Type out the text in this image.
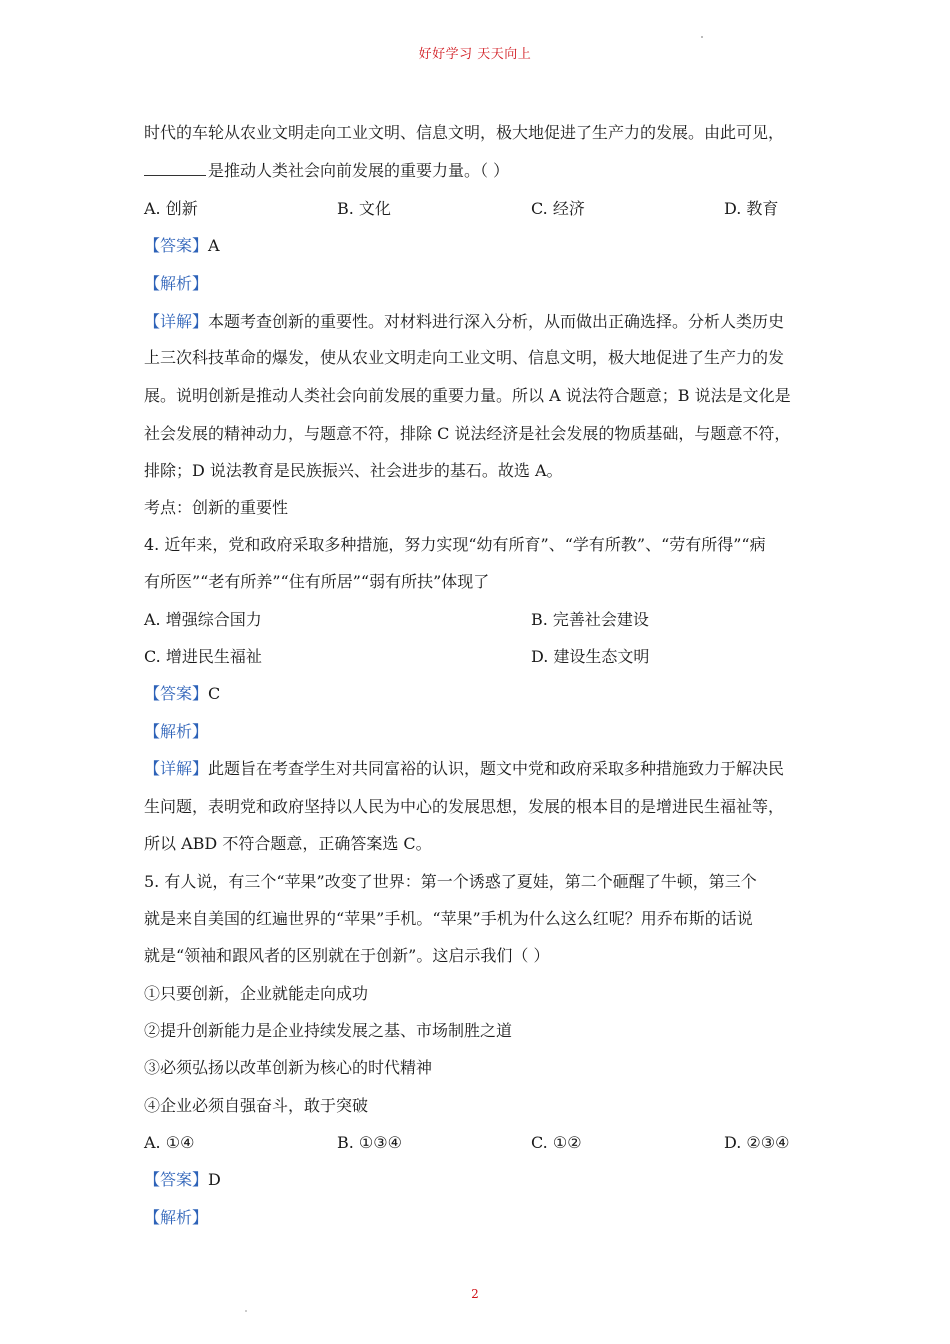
好好学习 天天向上
时代的车轮从农业文明走向工业文明、信息文明，极大地促进了生产力的发展。由此可见，
是推动人类社会向前发展的重要力量。（ ）
A. 创新	B. 文化	C. 经济	D. 教育
【答案】A
【解析】
【详解】本题考查创新的重要性。对材料进行深入分析，从而做出正确选择。分析人类历史
上三次科技革命的爆发，使从农业文明走向工业文明、信息文明，极大地促进了生产力的发
展。说明创新是推动人类社会向前发展的重要力量。所以 A 说法符合题意；B 说法是文化是
社会发展的精神动力，与题意不符，排除 C 说法经济是社会发展的物质基础，与题意不符，
排除；D 说法教育是民族振兴、社会进步的基石。故选 A。
考点：创新的重要性
4. 近年来，党和政府采取多种措施，努力实现“幼有所育”、“学有所教”、“劳有所得”“病
有所医”“老有所养”“住有所居”“弱有所扶”体现了
A. 增强综合国力	B. 完善社会建设
C. 增进民生福祉	D. 建设生态文明
【答案】C
【解析】
【详解】此题旨在考查学生对共同富裕的认识，题文中党和政府采取多种措施致力于解决民
生问题，表明党和政府坚持以人民为中心的发展思想，发展的根本目的是增进民生福祉等，
所以 ABD 不符合题意，正确答案选 C。
5. 有人说，有三个“苹果”改变了世界：第一个诱惑了夏娃，第二个砸醒了牛顿，第三个
就是来自美国的红遍世界的“苹果”手机。“苹果”手机为什么这么红呢？用乔布斯的话说
就是“领袖和跟风者的区别就在于创新”。这启示我们（ ）
①只要创新，企业就能走向成功
②提升创新能力是企业持续发展之基、市场制胜之道
③必须弘扬以改革创新为核心的时代精神
④企业必须自强奋斗，敢于突破
A. ①④	B. ①③④	C. ①②	D. ②③④
【答案】D
【解析】
2
